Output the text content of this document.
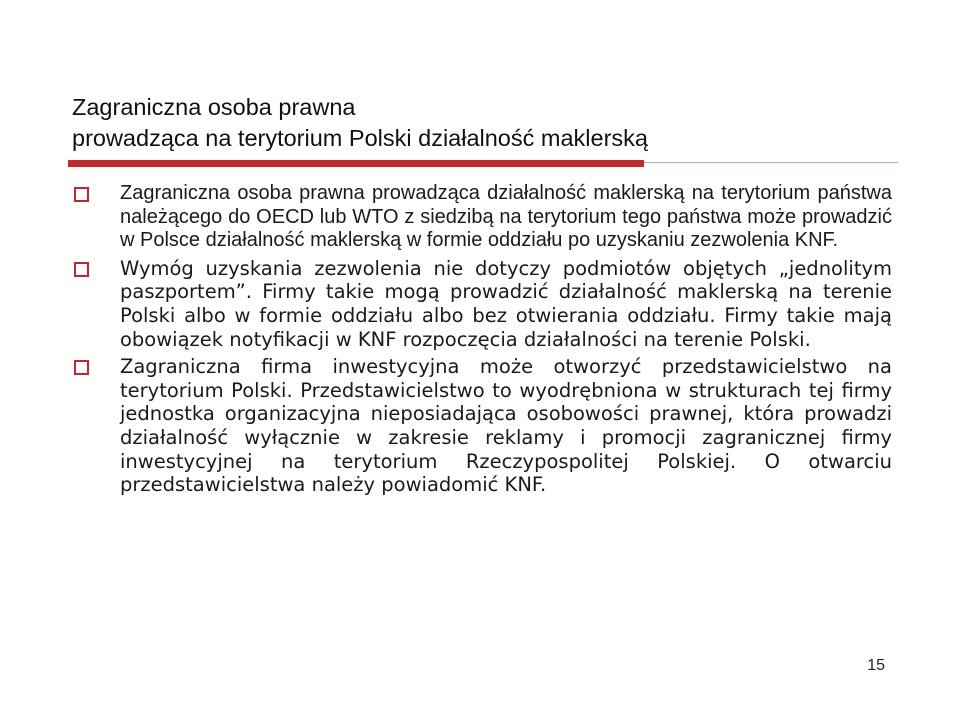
Zagraniczna osoba prawna
prowadząca na terytorium Polski działalność maklerską
Zagraniczna osoba prawna prowadząca działalność maklerską na terytorium państwa należącego do OECD lub WTO z siedzibą na terytorium tego państwa może prowadzić w Polsce działalność maklerską w formie oddziału po uzyskaniu zezwolenia KNF.
Wymóg uzyskania zezwolenia nie dotyczy podmiotów objętych „jednolitym paszportem”. Firmy takie mogą prowadzić działalność maklerską na terenie Polski albo w formie oddziału albo bez otwierania oddziału. Firmy takie mają obowiązek notyfikacji w KNF rozpoczęcia działalności na terenie Polski.
Zagraniczna firma inwestycyjna może otworzyć przedstawicielstwo na terytorium Polski. Przedstawicielstwo to wyodrębniona w strukturach tej firmy jednostka organizacyjna nieposiadająca osobowości prawnej, która prowadzi działalność wyłącznie w zakresie reklamy i promocji zagranicznej firmy inwestycyjnej na terytorium Rzeczypospolitej Polskiej. O otwarciu przedstawicielstwa należy powiadomić KNF.
15
